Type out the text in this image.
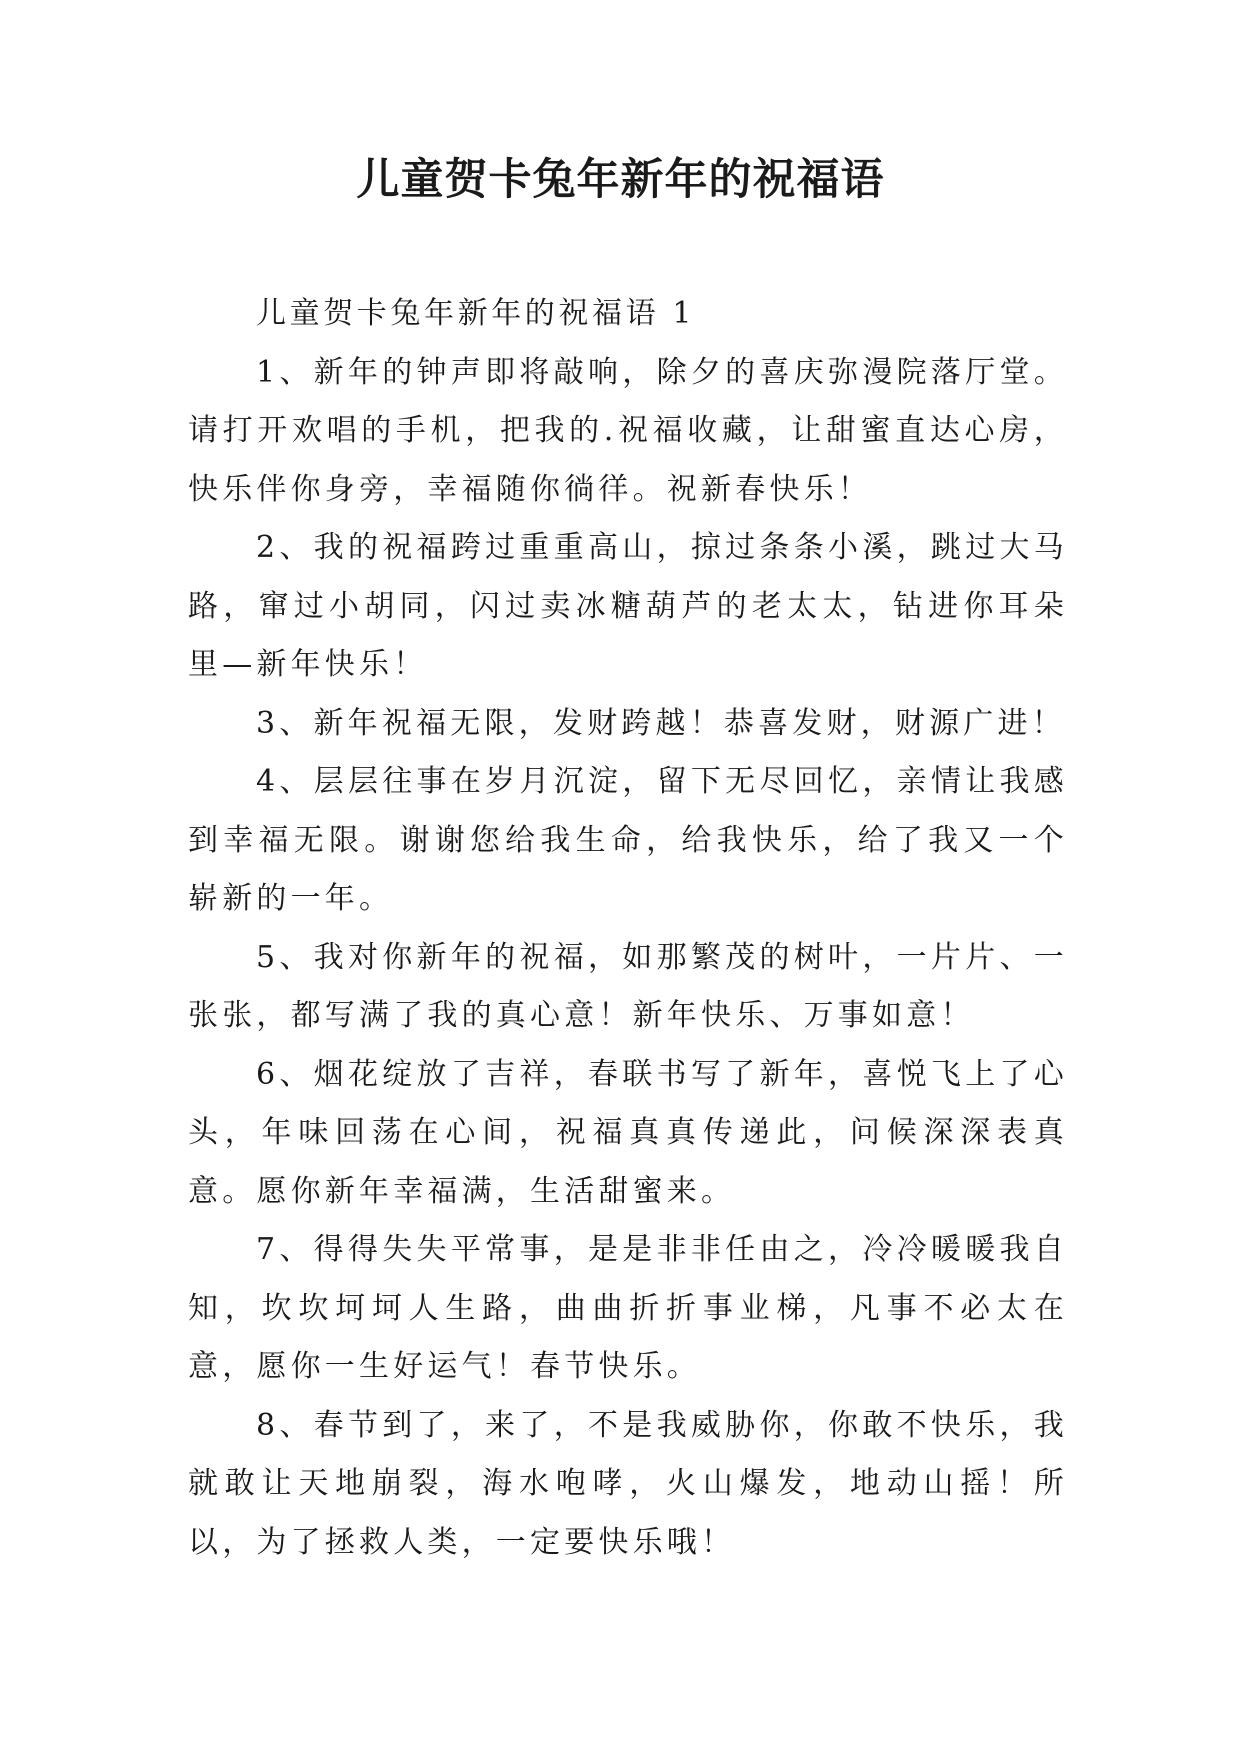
儿童贺卡兔年新年的祝福语

儿童贺卡兔年新年的祝福语 1

1、新年的钟声即将敲响，除夕的喜庆弥漫院落厅堂。请打开欢唱的手机，把我的.祝福收藏，让甜蜜直达心房，快乐伴你身旁，幸福随你徜徉。祝新春快乐！

2、我的祝福跨过重重高山，掠过条条小溪，跳过大马路，窜过小胡同，闪过卖冰糖葫芦的老太太，钻进你耳朵里—新年快乐！

3、新年祝福无限，发财跨越！恭喜发财，财源广进！

4、层层往事在岁月沉淀，留下无尽回忆，亲情让我感到幸福无限。谢谢您给我生命，给我快乐，给了我又一个崭新的一年。

5、我对你新年的祝福，如那繁茂的树叶，一片片、一张张，都写满了我的真心意！新年快乐、万事如意！

6、烟花绽放了吉祥，春联书写了新年，喜悦飞上了心头，年味回荡在心间，祝福真真传递此，问候深深表真意。愿你新年幸福满，生活甜蜜来。

7、得得失失平常事，是是非非任由之，冷冷暖暖我自知，坎坎坷坷人生路，曲曲折折事业梯，凡事不必太在意，愿你一生好运气！春节快乐。

8、春节到了，来了，不是我威胁你，你敢不快乐，我就敢让天地崩裂，海水咆哮，火山爆发，地动山摇！所以，为了拯救人类，一定要快乐哦！
